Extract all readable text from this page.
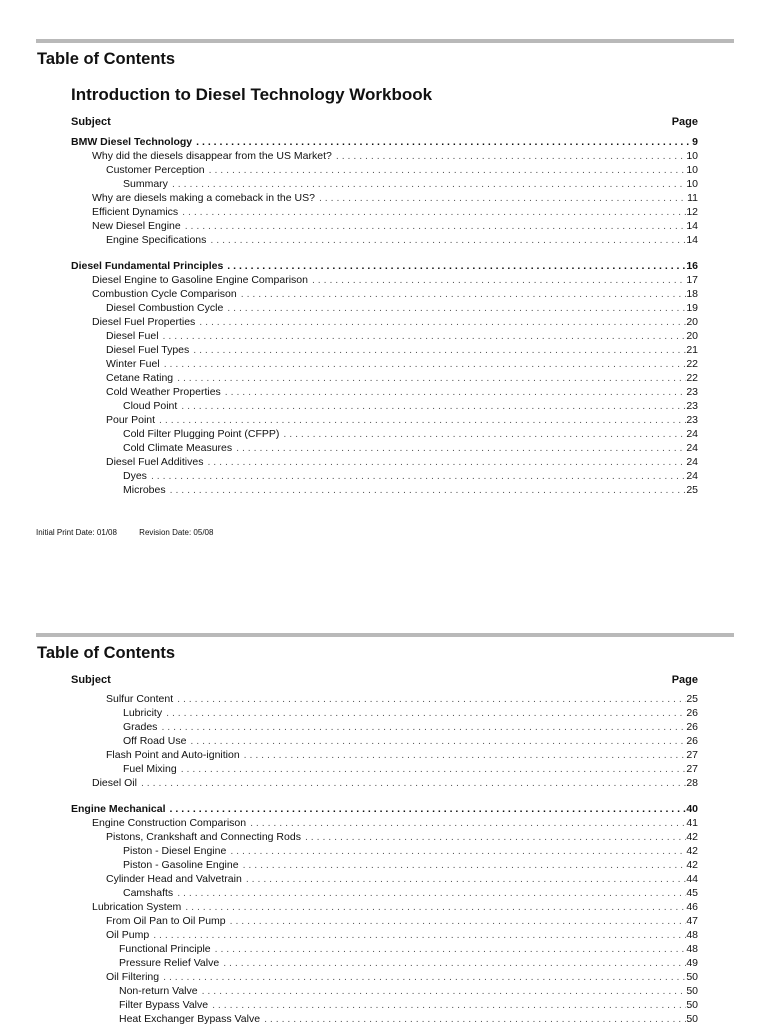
Table of Contents
Introduction to Diesel Technology Workbook
Subject	Page
BMW Diesel Technology . . .	9
Why did the diesels disappear from the US Market? . . .	10
Customer Perception . . .	10
Summary . . .	10
Why are diesels making a comeback in the US? . . .	11
Efficient Dynamics . . .	12
New Diesel Engine . . .	14
Engine Specifications . . .	14
Diesel Fundamental Principles . . .	16
Diesel Engine to Gasoline Engine Comparison . . .	17
Combustion Cycle Comparison . . .	18
Diesel Combustion Cycle . . .	19
Diesel Fuel Properties . . .	20
Diesel Fuel . . .	20
Diesel Fuel Types . . .	21
Winter Fuel . . .	22
Cetane Rating . . .	22
Cold Weather Properties . . .	23
Cloud Point . . .	23
Pour Point . . .	23
Cold Filter Plugging Point (CFPP) . . .	24
Cold Climate Measures . . .	24
Diesel Fuel Additives . . .	24
Dyes . . .	24
Microbes . . .	25
Initial Print Date: 01/08	Revision Date: 05/08
Table of Contents
Subject	Page
Sulfur Content . . .	25
Lubricity . . .	26
Grades . . .	26
Off Road Use . . .	26
Flash Point and Auto-ignition . . .	27
Fuel Mixing . . .	27
Diesel Oil . . .	28
Engine Mechanical . . .	40
Engine Construction Comparison . . .	41
Pistons, Crankshaft and Connecting Rods . . .	42
Piston - Diesel Engine . . .	42
Piston - Gasoline Engine . . .	42
Cylinder Head and Valvetrain . . .	44
Camshafts . . .	45
Lubrication System . . .	46
From Oil Pan to Oil Pump . . .	47
Oil Pump . . .	48
Functional Principle . . .	48
Pressure Relief Valve . . .	49
Oil Filtering . . .	50
Non-return Valve . . .	50
Filter Bypass Valve . . .	50
Heat Exchanger Bypass Valve . . .	50
